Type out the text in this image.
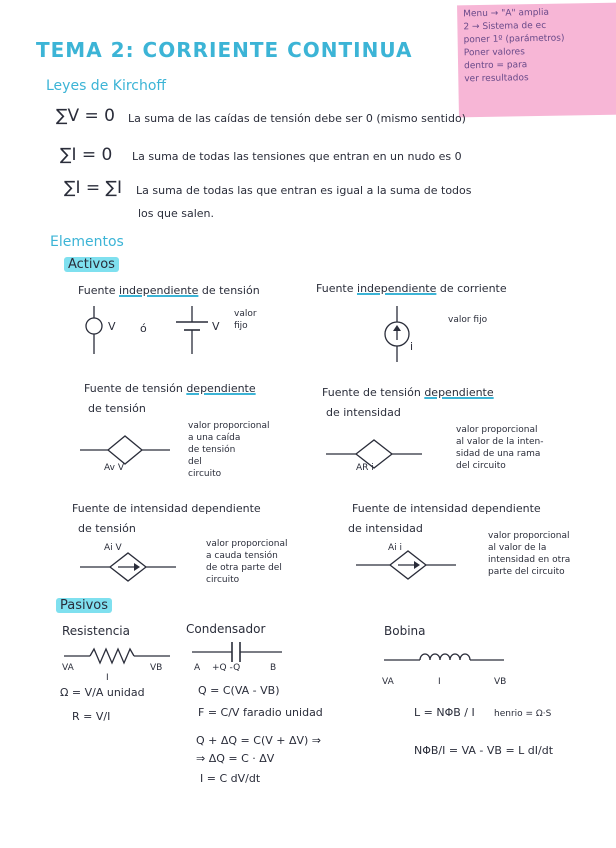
Menu → "A" amplia

2 → Sistema de ec

poner 1º (parámetros)

Poner valores

dentro = para

ver resultados

TEMA 2: CORRIENTE CONTINUA
Leyes de Kirchoff
∑V = 0 La suma de las caídas de tensión debe ser 0 (mismo sentido)
∑I = 0 La suma de todas las tensiones que entran en un nudo es 0
∑I = ∑I La suma de todas las que entran es igual a la suma de todos
los que salen.
Elementos
Activos
Fuente independiente de tensión
V ó	V
valor fijo
Fuente independiente de corriente
i
valor fijo
Fuente de tensión dependiente
de tensión
Av V
valor proporcional
a una caída
de tensión
del
circuito
Fuente de tensión dependiente
de intensidad
AR i
valor proporcional
al valor de la inten-
sidad de una rama
del circuito
Fuente de intensidad dependiente
de tensión
Ai V	valor proporcional
a cauda tensión
de otra parte del
circuito
Fuente de intensidad dependiente
de intensidad
Ai i
valor proporcional
al valor de la
intensidad en otra
parte del circuito
Pasivos
Resistencia
VA	VB
I
Ω = V/A unidad
R = V/I
Condensador
A	B
+Q -Q
Q = C(VA - VB)
F = C/V faradio unidad
Q + ΔQ = C(V + ΔV) ⇒
⇒ ΔQ = C · ΔV
I = C dV/dt
Bobina
VA	VB
I
L = NΦB / I henrio = Ω·S
NΦB/I = VA - VB = L dI/dt
